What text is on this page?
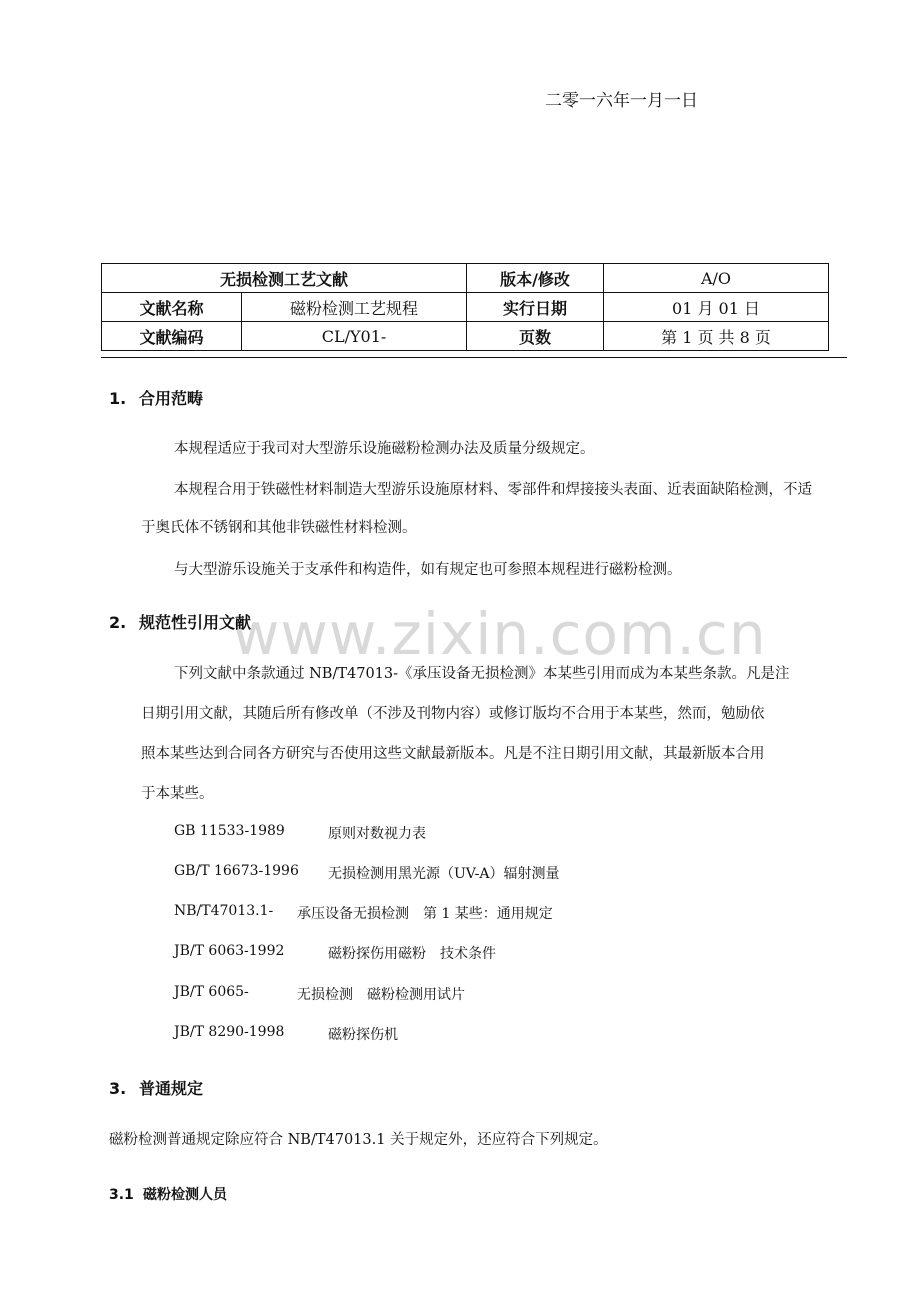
二零一六年一月一日
无损检测工艺文献		版本/修改	A/O
文献名称	磁粉检测工艺规程	实行日期	01 月 01 日
文献编码	CL/Y01-	页数	第 1 页 共 8 页
www.zixin.com.cn
1. 合用范畴
本规程适应于我司对大型游乐设施磁粉检测办法及质量分级规定。
本规程合用于铁磁性材料制造大型游乐设施原材料、零部件和焊接接头表面、近表面缺陷检测，不适
于奥氏体不锈钢和其他非铁磁性材料检测。
与大型游乐设施关于支承件和构造件，如有规定也可参照本规程进行磁粉检测。
2. 规范性引用文献
下列文献中条款通过 NB/T47013-《承压设备无损检测》本某些引用而成为本某些条款。凡是注
日期引用文献，其随后所有修改单（不涉及刊物内容）或修订版均不合用于本某些，然而，勉励依
照本某些达到合同各方研究与否使用这些文献最新版本。凡是不注日期引用文献，其最新版本合用
于本某些。
GB 11533-1989	原则对数视力表
GB/T 16673-1996 无损检测用黑光源（UV-A）辐射测量
NB/T47013.1- 承压设备无损检测　第 1 某些：通用规定
JB/T 6063-1992	磁粉探伤用磁粉　技术条件
JB/T 6065-	无损检测　磁粉检测用试片
JB/T 8290-1998	磁粉探伤机
3. 普通规定
磁粉检测普通规定除应符合 NB/T47013.1 关于规定外，还应符合下列规定。
3.1 磁粉检测人员
